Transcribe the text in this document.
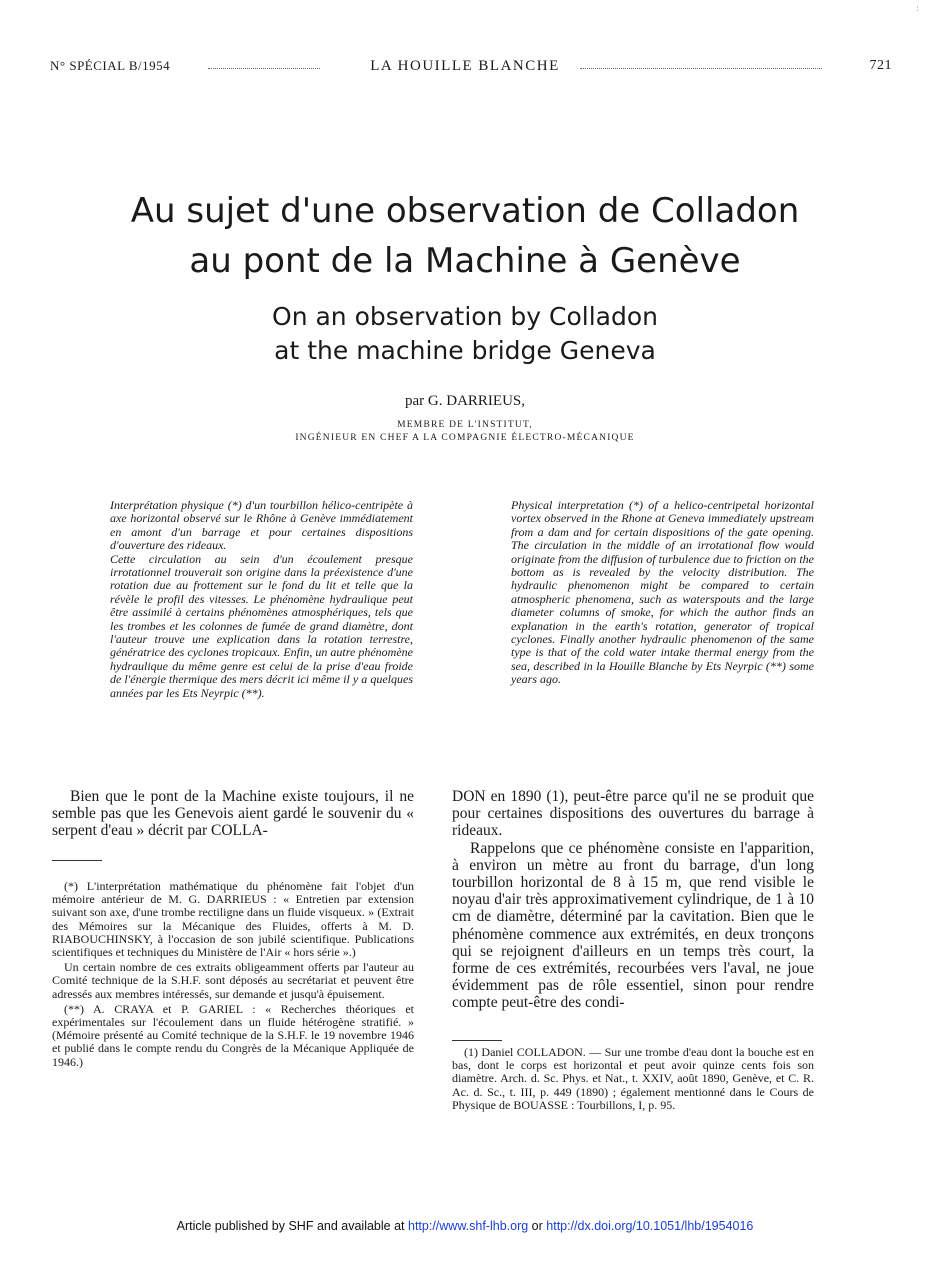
N° SPÉCIAL B/1954	LA HOUILLE BLANCHE	721
:
Au sujet d'une observation de Colladon
au pont de la Machine à Genève
On an observation by Colladon
at the machine bridge Geneva
par G. DARRIEUS,
MEMBRE DE L'INSTITUT,
INGÉNIEUR EN CHEF A LA COMPAGNIE ÉLECTRO-MÉCANIQUE

Interprétation physique (*) d'un tourbillon hélico-centripète à axe horizontal observé sur le Rhône à Genève immédiatement en amont d'un barrage et pour certaines dispositions d'ouverture des rideaux.

Cette circulation au sein d'un écoulement presque irrotationnel trouverait son origine dans la préexistence d'une rotation due au frottement sur le fond du lit et telle que la révèle le profil des vitesses. Le phénomène hydraulique peut être assimilé à certains phénomènes atmosphériques, tels que les trombes et les colonnes de fumée de grand diamètre, dont l'auteur trouve une explication dans la rotation terrestre, génératrice des cyclones tropicaux. Enfin, un autre phénomène hydraulique du même genre est celui de la prise d'eau froide de l'énergie thermique des mers décrit ici même il y a quelques années par les Ets Neyrpic (**).

Physical interpretation (*) of a helico-centripetal horizontal vortex observed in the Rhone at Geneva immediately upstream from a dam and for certain dispositions of the gate opening. The circulation in the middle of an irrotational flow would originate from the diffusion of turbulence due to friction on the bottom as is revealed by the velocity distribution. The hydraulic phenomenon might be compared to certain atmospheric phenomena, such as waterspouts and the large diameter columns of smoke, for which the author finds an explanation in the earth's rotation, generator of tropical cyclones. Finally another hydraulic phenomenon of the same type is that of the cold water intake thermal energy from the sea, described in la Houille Blanche by Ets Neyrpic (**) some years ago.

Bien que le pont de la Machine existe toujours, il ne semble pas que les Genevois aient gardé le souvenir du « serpent d'eau » décrit par COLLA-

(*) L'interprétation mathématique du phénomène fait l'objet d'un mémoire antérieur de M. G. DARRIEUS : « Entretien par extension suivant son axe, d'une trombe rectiligne dans un fluide visqueux. » (Extrait des Mémoires sur la Mécanique des Fluides, offerts à M. D. RIABOUCHINSKY, à l'occasion de son jubilé scientifique. Publications scientifiques et techniques du Ministère de l'Air « hors série ».)

Un certain nombre de ces extraits obligeamment offerts par l'auteur au Comité technique de la S.H.F. sont déposés au secrétariat et peuvent être adressés aux membres intéressés, sur demande et jusqu'à épuisement.

(**) A. CRAYA et P. GARIEL : « Recherches théoriques et expérimentales sur l'écoulement dans un fluide hétérogène stratifié. » (Mémoire présenté au Comité technique de la S.H.F. le 19 novembre 1946 et publié dans le compte rendu du Congrès de la Mécanique Appliquée de 1946.)

DON en 1890 (1), peut-être parce qu'il ne se produit que pour certaines dispositions des ouvertures du barrage à rideaux.

Rappelons que ce phénomène consiste en l'apparition, à environ un mètre au front du barrage, d'un long tourbillon horizontal de 8 à 15 m, que rend visible le noyau d'air très approximativement cylindrique, de 1 à 10 cm de diamètre, déterminé par la cavitation. Bien que le phénomène commence aux extrémités, en deux tronçons qui se rejoignent d'ailleurs en un temps très court, la forme de ces extrémités, recourbées vers l'aval, ne joue évidemment pas de rôle essentiel, sinon pour rendre compte peut-être des condi-

(1) Daniel COLLADON. — Sur une trombe d'eau dont la bouche est en bas, dont le corps est horizontal et peut avoir quinze cents fois son diamètre. Arch. d. Sc. Phys. et Nat., t. XXIV, août 1890, Genève, et C. R. Ac. d. Sc., t. III, p. 449 (1890) ; également mentionné dans le Cours de Physique de BOUASSE : Tourbillons, I, p. 95.

Article published by SHF and available at http://www.shf-lhb.org or http://dx.doi.org/10.1051/lhb/1954016
